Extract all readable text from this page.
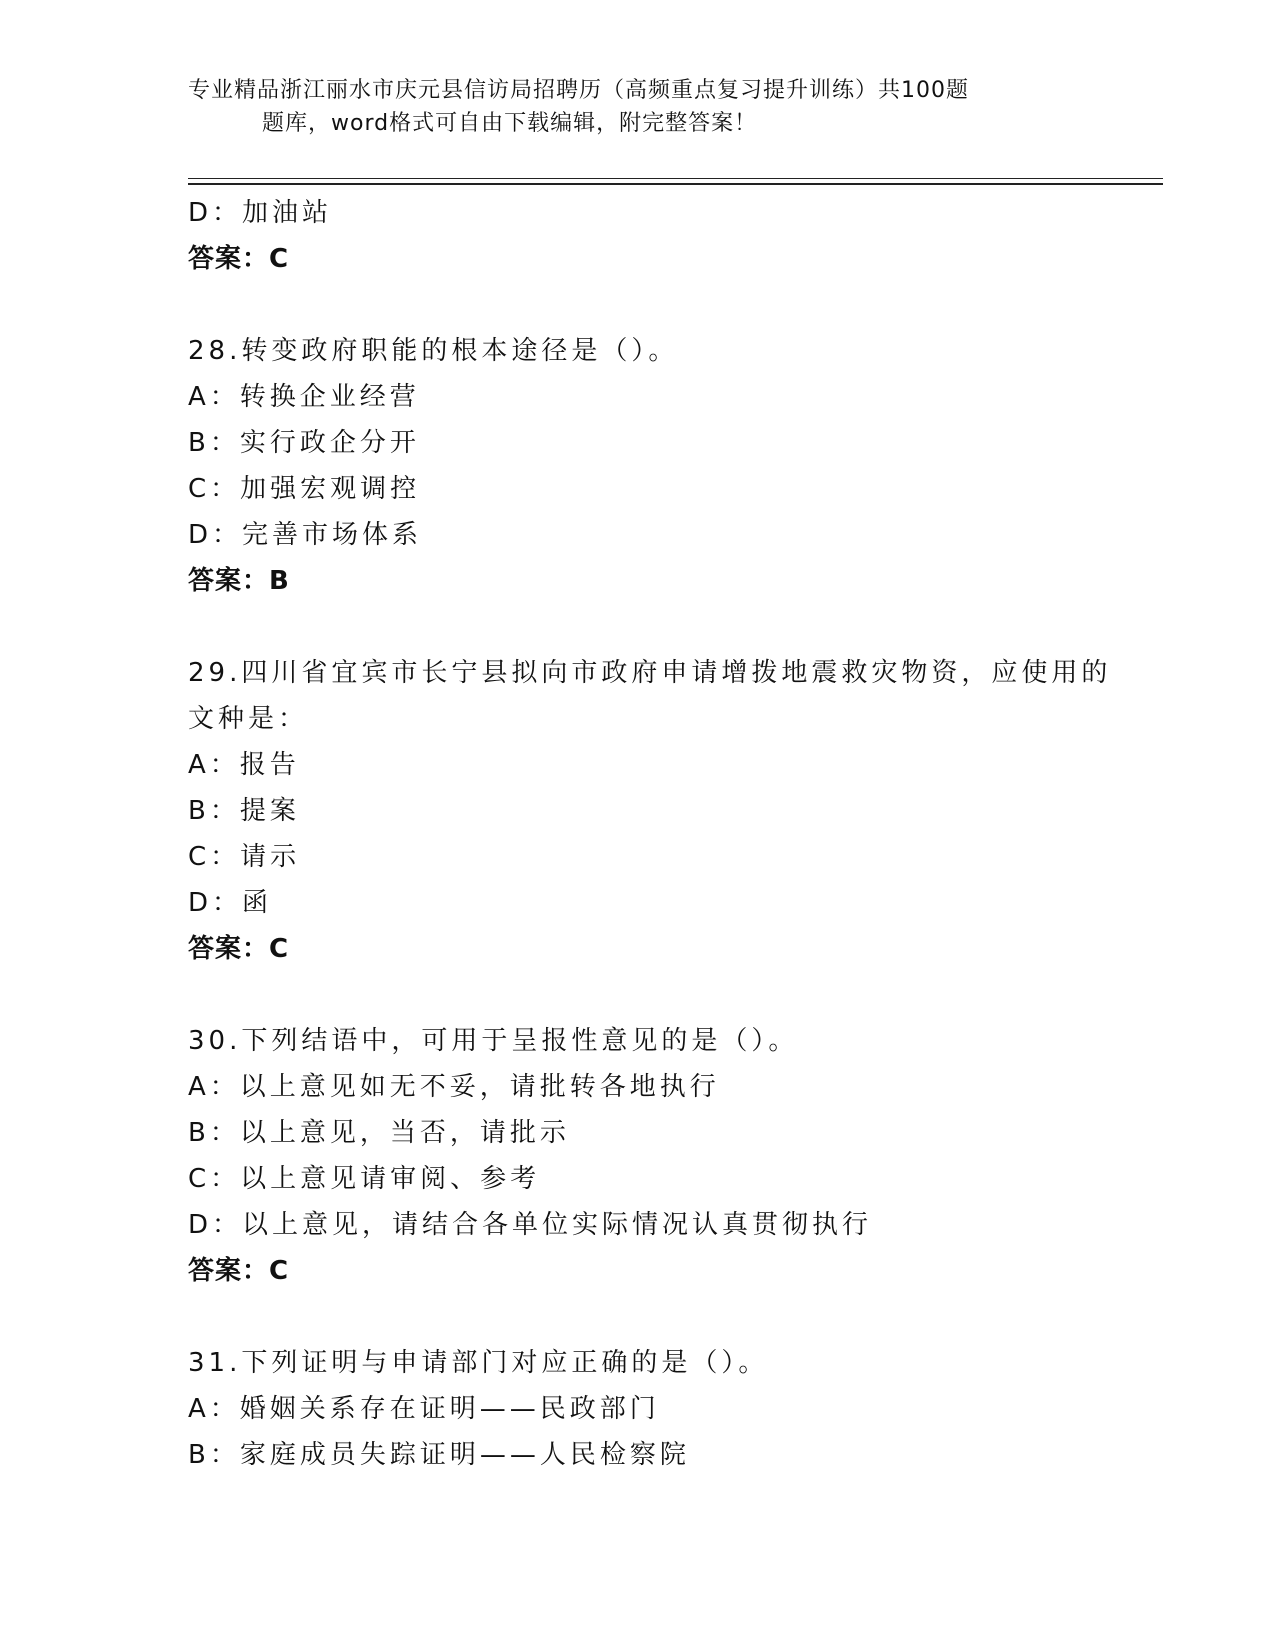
专业精品浙江丽水市庆元县信访局招聘历（高频重点复习提升训练）共100题
题库，word格式可自由下载编辑，附完整答案！
D：加油站
答案：C
28.转变政府职能的根本途径是（）。
A：转换企业经营
B：实行政企分开
C：加强宏观调控
D：完善市场体系
答案：B
29.四川省宜宾市长宁县拟向市政府申请增拨地震救灾物资，应使用的
文种是：
A：报告
B：提案
C：请示
D：函
答案：C
30.下列结语中，可用于呈报性意见的是（）。
A：以上意见如无不妥，请批转各地执行
B：以上意见，当否，请批示
C：以上意见请审阅、参考
D：以上意见，请结合各单位实际情况认真贯彻执行
答案：C
31.下列证明与申请部门对应正确的是（）。
A：婚姻关系存在证明——民政部门
B：家庭成员失踪证明——人民检察院
